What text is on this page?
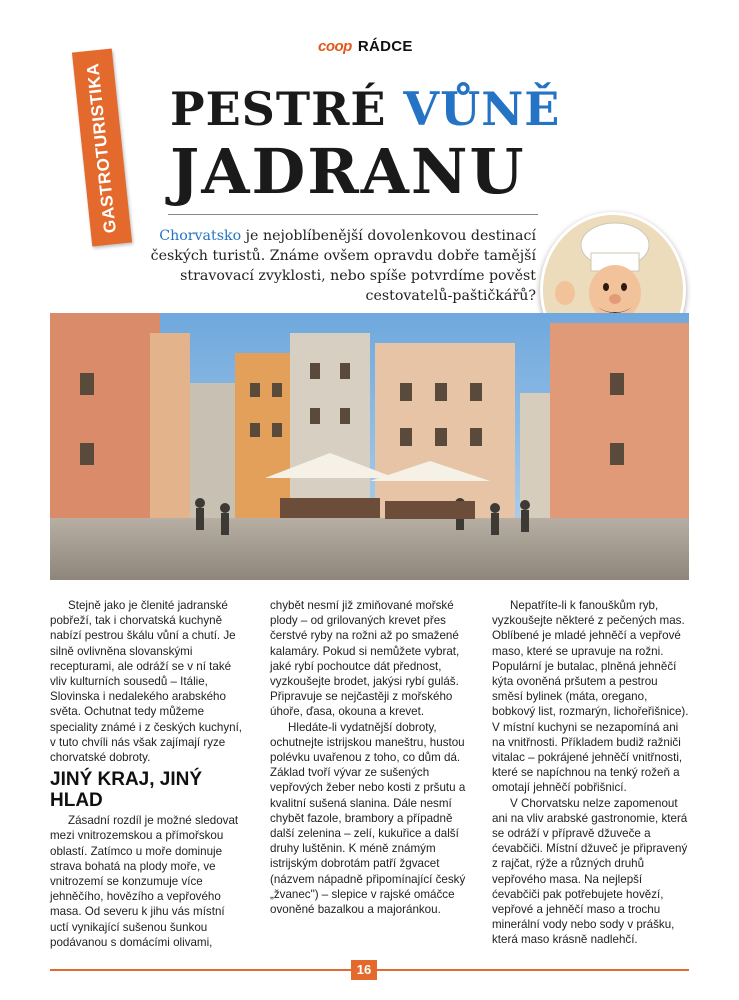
coop RÁDCE
GASTROTURISTIKA PESTRÉ VŮNĚ
JADRANU
Chorvatsko je nejoblíbenější dovolenkovou destinací českých turistů. Známe ovšem opravdu dobře tamější stravovací zvyklosti, nebo spíše potvrdíme pověst cestovatelů-paštičkářů?

Stejně jako je členité jadranské pobřeží, tak i chorvatská kuchyně nabízí pestrou škálu vůní a chutí. Je silně ovlivněna slovanskými recepturami, ale odráží se v ní také vliv kulturních sousedů – Itálie, Slovinska i nedalekého arabského světa. Ochutnat tedy můžeme speciality známé i z českých kuchyní, v tuto chvíli nás však zajímají ryze chorvatské dobroty.

JINÝ KRAJ, JINÝ HLAD

Zásadní rozdíl je možné sledovat mezi vnitrozemskou a přímořskou oblastí. Zatímco u moře dominuje strava bohatá na plody moře, ve vnitrozemí se konzumuje více jehněčího, hovězího a vepřového masa. Od severu k jihu vás místní uctí vynikající sušenou šunkou podávanou s domácími olivami,

chybět nesmí již zmiňované mořské plody – od grilovaných krevet přes čerstvé ryby na rožni až po smažené kalamáry. Pokud si nemůžete vybrat, jaké rybí pochoutce dát přednost, vyzkoušejte brodet, jakýsi rybí guláš. Připravuje se nejčastěji z mořského úhoře, ďasa, okouna a krevet.

Hledáte-li vydatnější dobroty, ochutnejte istrijskou maneštru, hustou polévku uvařenou z toho, co dům dá. Základ tvoří vývar ze sušených vepřových žeber nebo kosti z pršutu a kvalitní sušená slanina. Dále nesmí chybět fazole, brambory a případně další zelenina – zelí, kukuřice a další druhy luštěnin. K méně známým istrijským dobrotám patří žgvacet (názvem nápadně připomínající český „žvanec") – slepice v rajské omáčce ovoněné bazalkou a majoránkou.

Nepatříte-li k fanouškům ryb, vyzkoušejte některé z pečených mas. Oblíbené je mladé jehněčí a vepřové maso, které se upravuje na rožni. Populární je butalac, plněná jehněčí kýta ovoněná pršutem a pestrou směsí bylinek (máta, oregano, bobkový list, rozmarýn, lichořeřišnice). V místní kuchyni se nezapomíná ani na vnitřnosti. Příkladem budiž ražniči vitalac – pokrájené jehněčí vnitřnosti, které se napíchnou na tenký rožeň a omotají jehněčí pobřišnicí.

V Chorvatsku nelze zapomenout ani na vliv arabské gastronomie, která se odráží v přípravě džuveče a ćevabčiči. Místní džuveč je připravený z rajčat, rýže a různých druhů vepřového masa. Na nejlepší ćevabčiči pak potřebujete hovězí, vepřové a jehněčí maso a trochu minerální vody nebo sody v prášku, která maso krásně nadlehčí.

16
